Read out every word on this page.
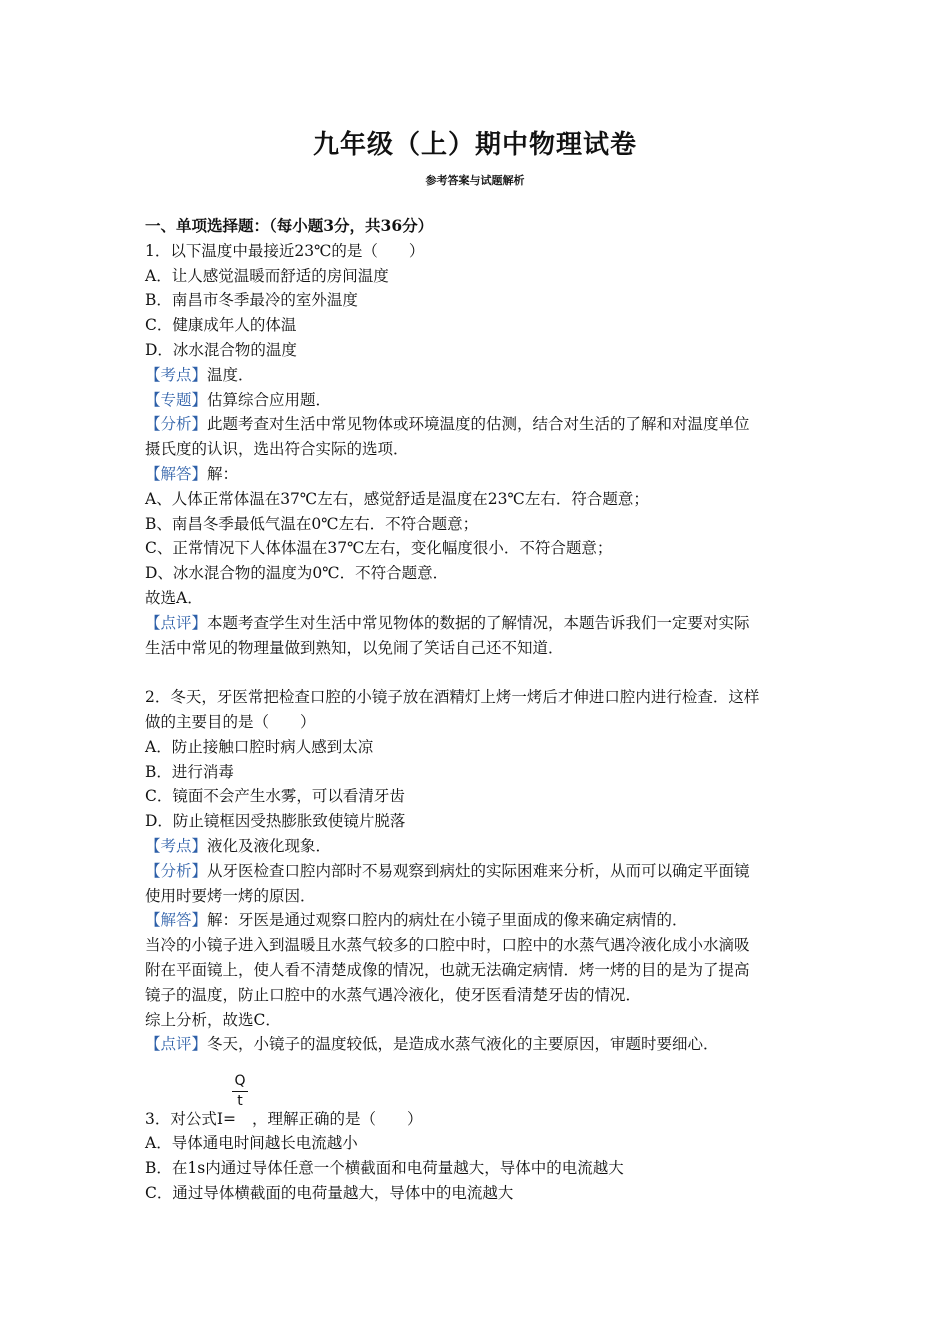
九年级（上）期中物理试卷
参考答案与试题解析
一、单项选择题：（每小题3分，共36分）
1．以下温度中最接近23℃的是（　　）
A．让人感觉温暖而舒适的房间温度
B．南昌市冬季最冷的室外温度
C．健康成年人的体温
D．冰水混合物的温度
【考点】温度．
【专题】估算综合应用题．
【分析】此题考查对生活中常见物体或环境温度的估测，结合对生活的了解和对温度单位
摄氏度的认识，选出符合实际的选项．
【解答】解：
A、人体正常体温在37℃左右，感觉舒适是温度在23℃左右．符合题意；
B、南昌冬季最低气温在0℃左右．不符合题意；
C、正常情况下人体体温在37℃左右，变化幅度很小．不符合题意；
D、冰水混合物的温度为0℃．不符合题意．
故选A．
【点评】本题考查学生对生活中常见物体的数据的了解情况，本题告诉我们一定要对实际
生活中常见的物理量做到熟知，以免闹了笑话自己还不知道．
2．冬天，牙医常把检查口腔的小镜子放在酒精灯上烤一烤后才伸进口腔内进行检查．这样
做的主要目的是（　　）
A．防止接触口腔时病人感到太凉
B．进行消毒
C．镜面不会产生水雾，可以看清牙齿
D．防止镜框因受热膨胀致使镜片脱落
【考点】液化及液化现象．
【分析】从牙医检查口腔内部时不易观察到病灶的实际困难来分析，从而可以确定平面镜
使用时要烤一烤的原因．
【解答】解：牙医是通过观察口腔内的病灶在小镜子里面成的像来确定病情的．
当冷的小镜子进入到温暖且水蒸气较多的口腔中时，口腔中的水蒸气遇冷液化成小水滴吸
附在平面镜上，使人看不清楚成像的情况，也就无法确定病情．烤一烤的目的是为了提高
镜子的温度，防止口腔中的水蒸气遇冷液化，使牙医看清楚牙齿的情况．
综上分析，故选C．
【点评】冬天，小镜子的温度较低，是造成水蒸气液化的主要原因，审题时要细心．
3．对公式I=
$\frac{Q}{t}$
，理解正确的是（　　）
A．导体通电时间越长电流越小
B．在1s内通过导体任意一个横截面和电荷量越大，导体中的电流越大
C．通过导体横截面的电荷量越大，导体中的电流越大
